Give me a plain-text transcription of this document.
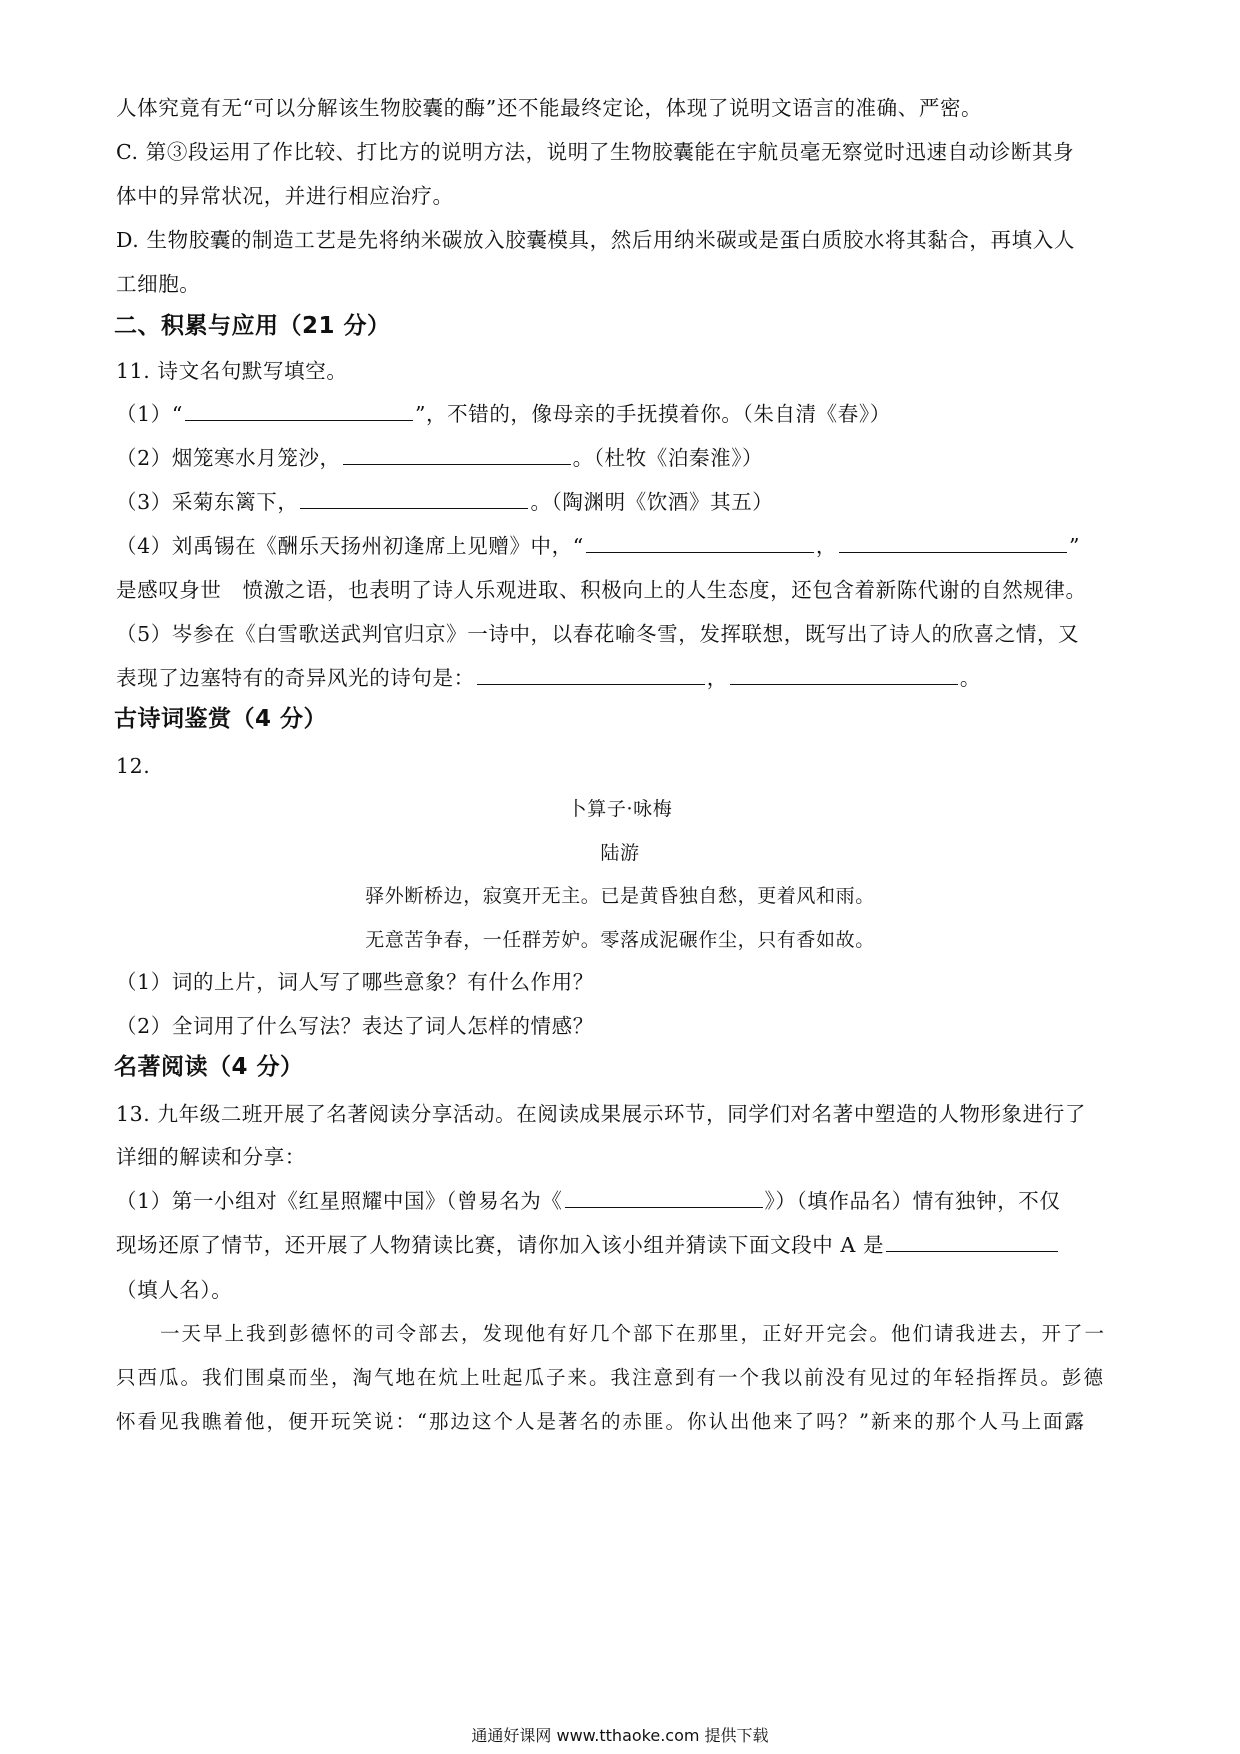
人体究竟有无“可以分解该生物胶囊的酶”还不能最终定论，体现了说明文语言的准确、严密。
C. 第③段运用了作比较、打比方的说明方法，说明了生物胶囊能在宇航员毫无察觉时迅速自动诊断其身
体中的异常状况，并进行相应治疗。
D. 生物胶囊的制造工艺是先将纳米碳放入胶囊模具，然后用纳米碳或是蛋白质胶水将其黏合，再填入人
工细胞。
二、积累与应用（21 分）
11. 诗文名句默写填空。
（1）“	”，不错的，像母亲的手抚摸着你。（朱自清《春》）
（2）烟笼寒水月笼沙，	。（杜牧《泊秦淮》）
（3）采菊东篱下，	。（陶渊明《饮酒》其五）
（4）刘禹锡在《酬乐天扬州初逢席上见赠》中，“	，	”
是感叹身世　愤激之语，也表明了诗人乐观进取、积极向上的人生态度，还包含着新陈代谢的自然规律。
（5）岑参在《白雪歌送武判官归京》一诗中，以春花喻冬雪，发挥联想，既写出了诗人的欣喜之情，又
表现了边塞特有的奇异风光的诗句是：	，	。
古诗词鉴赏（4 分）
12.
卜算子·咏梅
陆游
驿外断桥边，寂寞开无主。已是黄昏独自愁，更着风和雨。
无意苦争春，一任群芳妒。零落成泥碾作尘，只有香如故。
（1）词的上片，词人写了哪些意象？有什么作用？
（2）全词用了什么写法？表达了词人怎样的情感？
名著阅读（4 分）
13. 九年级二班开展了名著阅读分享活动。在阅读成果展示环节，同学们对名著中塑造的人物形象进行了
详细的解读和分享：
（1）第一小组对《红星照耀中国》（曾易名为《	》）（填作品名）情有独钟，不仅
现场还原了情节，还开展了人物猜读比赛，请你加入该小组并猜读下面文段中 A 是
（填人名）。
一天早上我到彭德怀的司令部去，发现他有好几个部下在那里，正好开完会。他们请我进去，开了一
只西瓜。我们围桌而坐，淘气地在炕上吐起瓜子来。我注意到有一个我以前没有见过的年轻指挥员。彭德
怀看见我瞧着他，便开玩笑说：“那边这个人是著名的赤匪。你认出他来了吗？”新来的那个人马上面露
通通好课网 www.tthaoke.com 提供下载
